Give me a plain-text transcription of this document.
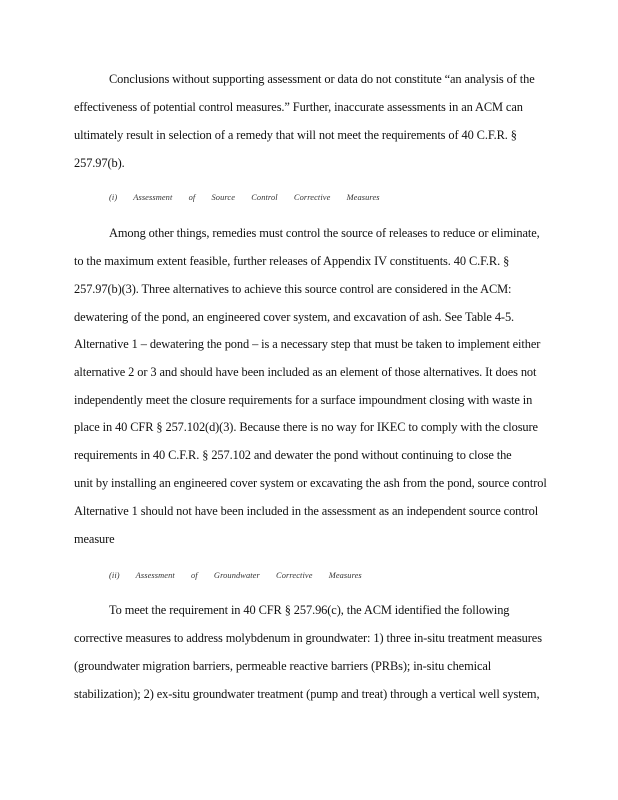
Conclusions without supporting assessment or data do not constitute “an analysis of the
effectiveness of potential control measures.” Further, inaccurate assessments in an ACM can
ultimately result in selection of a remedy that will not meet the requirements of 40 C.F.R. §
257.97(b).
(i) Assessment of Source Control Corrective Measures
Among other things, remedies must control the source of releases to reduce or eliminate,
to the maximum extent feasible, further releases of Appendix IV constituents. 40 C.F.R. §
257.97(b)(3). Three alternatives to achieve this source control are considered in the ACM:
dewatering of the pond, an engineered cover system, and excavation of ash. See Table 4-5.
Alternative 1 – dewatering the pond – is a necessary step that must be taken to implement either
alternative 2 or 3 and should have been included as an element of those alternatives. It does not
independently meet the closure requirements for a surface impoundment closing with waste in
place in 40 CFR § 257.102(d)(3). Because there is no way for IKEC to comply with the closure
requirements in 40 C.F.R. § 257.102 and dewater the pond without continuing to close the
unit by installing an engineered cover system or excavating the ash from the pond, source control
Alternative 1 should not have been included in the assessment as an independent source control
measure
(ii) Assessment of Groundwater Corrective Measures
To meet the requirement in 40 CFR § 257.96(c), the ACM identified the following
corrective measures to address molybdenum in groundwater: 1) three in-situ treatment measures
(groundwater migration barriers, permeable reactive barriers (PRBs); in-situ chemical
stabilization); 2) ex-situ groundwater treatment (pump and treat) through a vertical well system,
